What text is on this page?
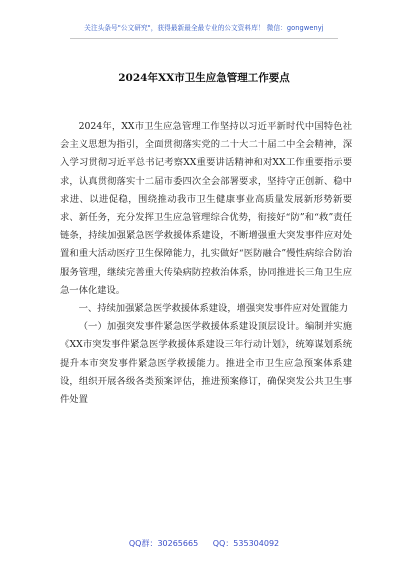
关注头条号"公文研究"，获得最新最全最专业的公文资料库！ 微信：gongwenyj
2024年XX市卫生应急管理工作要点

2024年，XX市卫生应急管理工作坚持以习近平新时代中国特色社会主义思想为指引，全面贯彻落实党的二十大二十届二中全会精神，深入学习贯彻习近平总书记考察XX重要讲话精神和对XX工作重要指示要求，认真贯彻落实十二届市委四次全会部署要求，坚持守正创新、稳中求进、以进促稳，围绕推动我市卫生健康事业高质量发展新形势新要求、新任务，充分发挥卫生应急管理综合优势，衔接好“防”和“救”责任链条，持续加强紧急医学救援体系建设，不断增强重大突发事件应对处置和重大活动医疗卫生保障能力，扎实做好“医防融合”慢性病综合防治服务管理，继续完善重大传染病防控救治体系，协同推进长三角卫生应急一体化建设。

一、持续加强紧急医学救援体系建设，增强突发事件应对处置能力

（一）加强突发事件紧急医学救援体系建设顶层设计。编制并实施《XX市突发事件紧急医学救援体系建设三年行动计划》，统筹谋划系统提升本市突发事件紧急医学救援能力。推进全市卫生应急预案体系建设，组织开展各级各类预案评估，推进预案修订，确保突发公共卫生事件处置

QQ群：30265665 QQ：535304092
